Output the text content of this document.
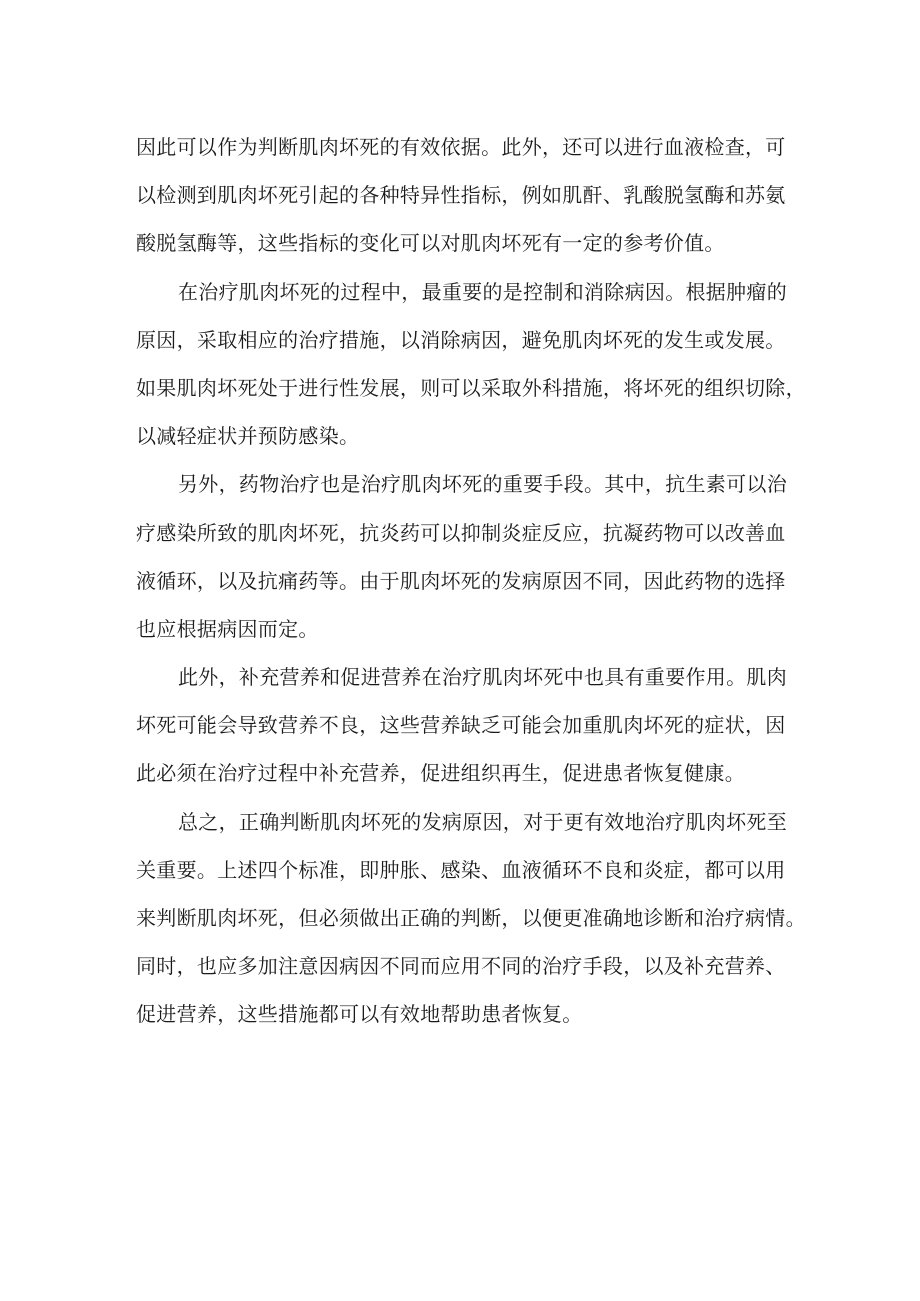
因此可以作为判断肌肉坏死的有效依据。此外，还可以进行血液检查，可
以检测到肌肉坏死引起的各种特异性指标，例如肌酐、乳酸脱氢酶和苏氨
酸脱氢酶等，这些指标的变化可以对肌肉坏死有一定的参考价值。
在治疗肌肉坏死的过程中，最重要的是控制和消除病因。根据肿瘤的
原因，采取相应的治疗措施，以消除病因，避免肌肉坏死的发生或发展。
如果肌肉坏死处于进行性发展，则可以采取外科措施，将坏死的组织切除，
以减轻症状并预防感染。
另外，药物治疗也是治疗肌肉坏死的重要手段。其中，抗生素可以治
疗感染所致的肌肉坏死，抗炎药可以抑制炎症反应，抗凝药物可以改善血
液循环，以及抗痛药等。由于肌肉坏死的发病原因不同，因此药物的选择
也应根据病因而定。
此外，补充营养和促进营养在治疗肌肉坏死中也具有重要作用。肌肉
坏死可能会导致营养不良，这些营养缺乏可能会加重肌肉坏死的症状，因
此必须在治疗过程中补充营养，促进组织再生，促进患者恢复健康。
总之，正确判断肌肉坏死的发病原因，对于更有效地治疗肌肉坏死至
关重要。上述四个标准，即肿胀、感染、血液循环不良和炎症，都可以用
来判断肌肉坏死，但必须做出正确的判断，以便更准确地诊断和治疗病情。
同时，也应多加注意因病因不同而应用不同的治疗手段，以及补充营养、
促进营养，这些措施都可以有效地帮助患者恢复。
